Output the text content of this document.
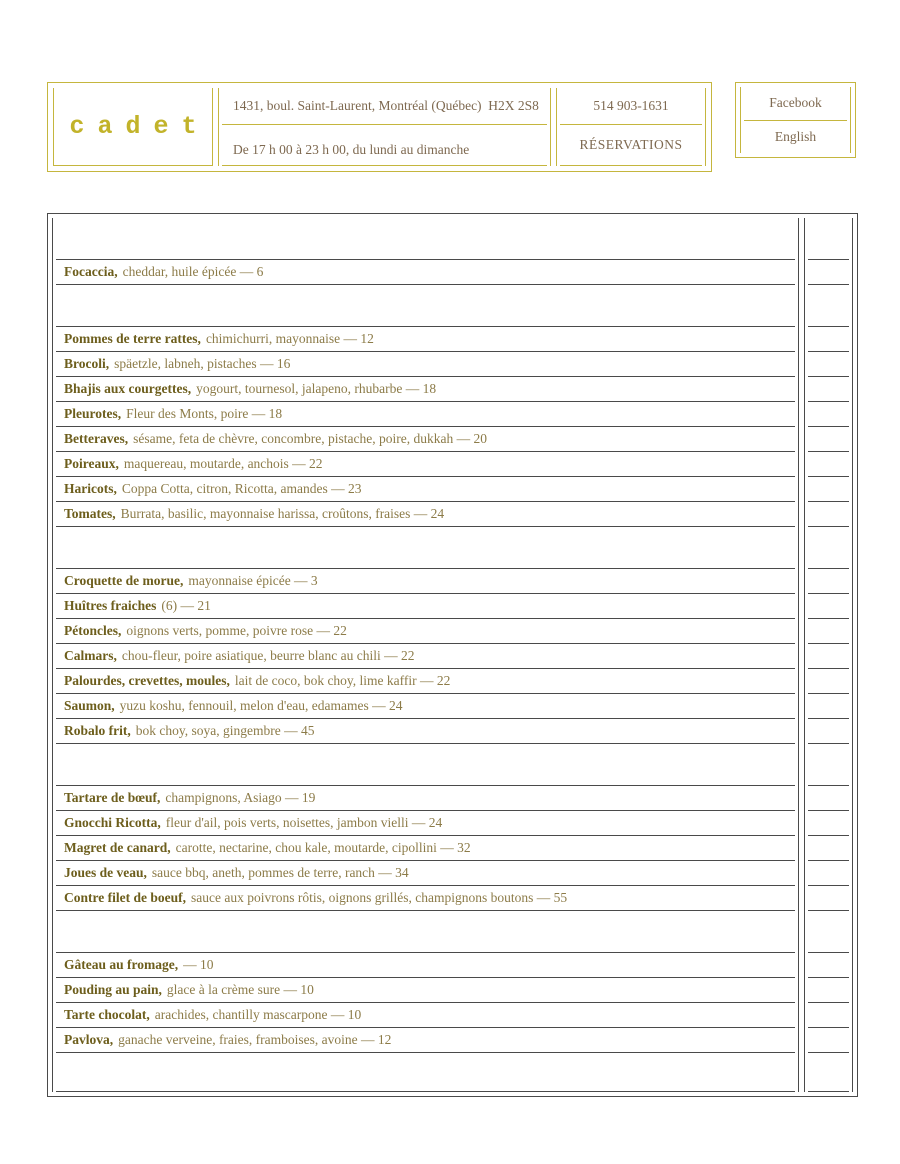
cadet
1431, boul. Saint-Laurent, Montréal (Québec)  H2X 2S8
De 17 h 00 à 23 h 00, du lundi au dimanche
514 903-1631
RÉSERVATIONS
Facebook
English
Focaccia, cheddar, huile épicée — 6
Pommes de terre rattes, chimichurri, mayonnaise — 12
Brocoli, späetzle, labneh, pistaches — 16
Bhajis aux courgettes, yogourt, tournesol, jalapeno, rhubarbe — 18
Pleurotes, Fleur des Monts, poire — 18
Betteraves, sésame, feta de chèvre, concombre, pistache, poire, dukkah — 20
Poireaux, maquereau, moutarde, anchois — 22
Haricots, Coppa Cotta, citron, Ricotta, amandes — 23
Tomates, Burrata, basilic, mayonnaise harissa, croûtons, fraises — 24
Croquette de morue, mayonnaise épicée — 3
Huîtres fraiches (6) — 21
Pétoncles, oignons verts, pomme, poivre rose — 22
Calmars, chou-fleur, poire asiatique, beurre blanc au chili — 22
Palourdes, crevettes, moules, lait de coco, bok choy, lime kaffir — 22
Saumon, yuzu koshu, fennouil, melon d'eau, edamames — 24
Robalo frit, bok choy, soya, gingembre — 45
Tartare de bœuf, champignons, Asiago — 19
Gnocchi Ricotta, fleur d'ail, pois verts, noisettes, jambon vielli — 24
Magret de canard, carotte, nectarine, chou kale, moutarde, cipollini — 32
Joues de veau, sauce bbq, aneth, pommes de terre, ranch — 34
Contre filet de boeuf, sauce aux poivrons rôtis, oignons grillés, champignons boutons — 55
Gâteau au fromage, — 10
Pouding au pain, glace à la crème sure — 10
Tarte chocolat, arachides, chantilly mascarpone — 10
Pavlova, ganache verveine, fraies, framboises, avoine — 12
